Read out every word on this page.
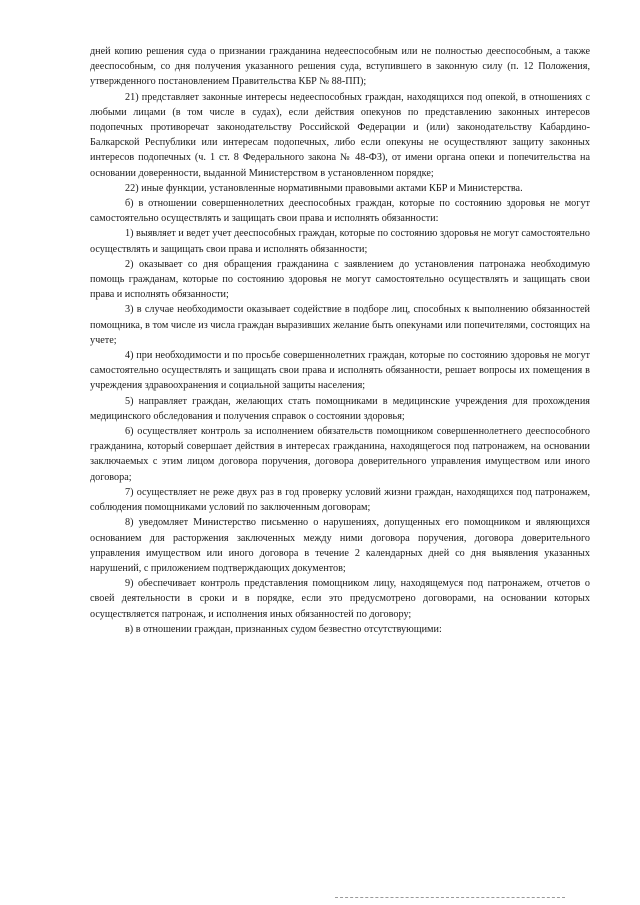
дней копию решения суда о признании гражданина недееспособным или не полностью дееспособным, а также дееспособным, со дня получения указанного решения суда, вступившего в законную силу (п. 12 Положения, утвержденного постановлением Правительства КБР № 88-ПП);

21) представляет законные интересы недееспособных граждан, находящихся под опекой, в отношениях с любыми лицами (в том числе в судах), если действия опекунов по представлению законных интересов подопечных противоречат законодательству Российской Федерации и (или) законодательству Кабардино-Балкарской Республики или интересам подопечных, либо если опекуны не осуществляют защиту законных интересов подопечных (ч. 1 ст. 8 Федерального закона № 48-ФЗ), от имени органа опеки и попечительства на основании доверенности, выданной Министерством в установленном порядке;

22) иные функции, установленные нормативными правовыми актами КБР и Министерства.

б) в отношении совершеннолетних дееспособных граждан, которые по состоянию здоровья не могут самостоятельно осуществлять и защищать свои права и исполнять обязанности:

1) выявляет и ведет учет дееспособных граждан, которые по состоянию здоровья не могут самостоятельно осуществлять и защищать свои права и исполнять обязанности;

2) оказывает со дня обращения гражданина с заявлением до установления патронажа необходимую помощь гражданам, которые по состоянию здоровья не могут самостоятельно осуществлять и защищать свои права и исполнять обязанности;

3) в случае необходимости оказывает содействие в подборе лиц, способных к выполнению обязанностей помощника, в том числе из числа граждан выразивших желание быть опекунами или попечителями, состоящих на учете;

4) при необходимости и по просьбе совершеннолетних граждан, которые по состоянию здоровья не могут самостоятельно осуществлять и защищать свои права и исполнять обязанности, решает вопросы их помещения в учреждения здравоохранения и социальной защиты населения;

5) направляет граждан, желающих стать помощниками в медицинские учреждения для прохождения медицинского обследования и получения справок о состоянии здоровья;

6) осуществляет контроль за исполнением обязательств помощником совершеннолетнего дееспособного гражданина, который совершает действия в интересах гражданина, находящегося под патронажем, на основании заключаемых с этим лицом договора поручения, договора доверительного управления имуществом или иного договора;

7) осуществляет не реже двух раз в год проверку условий жизни граждан, находящихся под патронажем, соблюдения помощниками условий по заключенным договорам;

8) уведомляет Министерство письменно о нарушениях, допущенных его помощником и являющихся основанием для расторжения заключенных между ними договора поручения, договора доверительного управления имуществом или иного договора в течение 2 календарных дней со дня выявления указанных нарушений, с приложением подтверждающих документов;

9) обеспечивает контроль представления помощником лицу, находящемуся под патронажем, отчетов о своей деятельности в сроки и в порядке, если это предусмотрено договорами, на основании которых осуществляется патронаж, и исполнения иных обязанностей по договору;

в) в отношении граждан, признанных судом безвестно отсутствующими:
